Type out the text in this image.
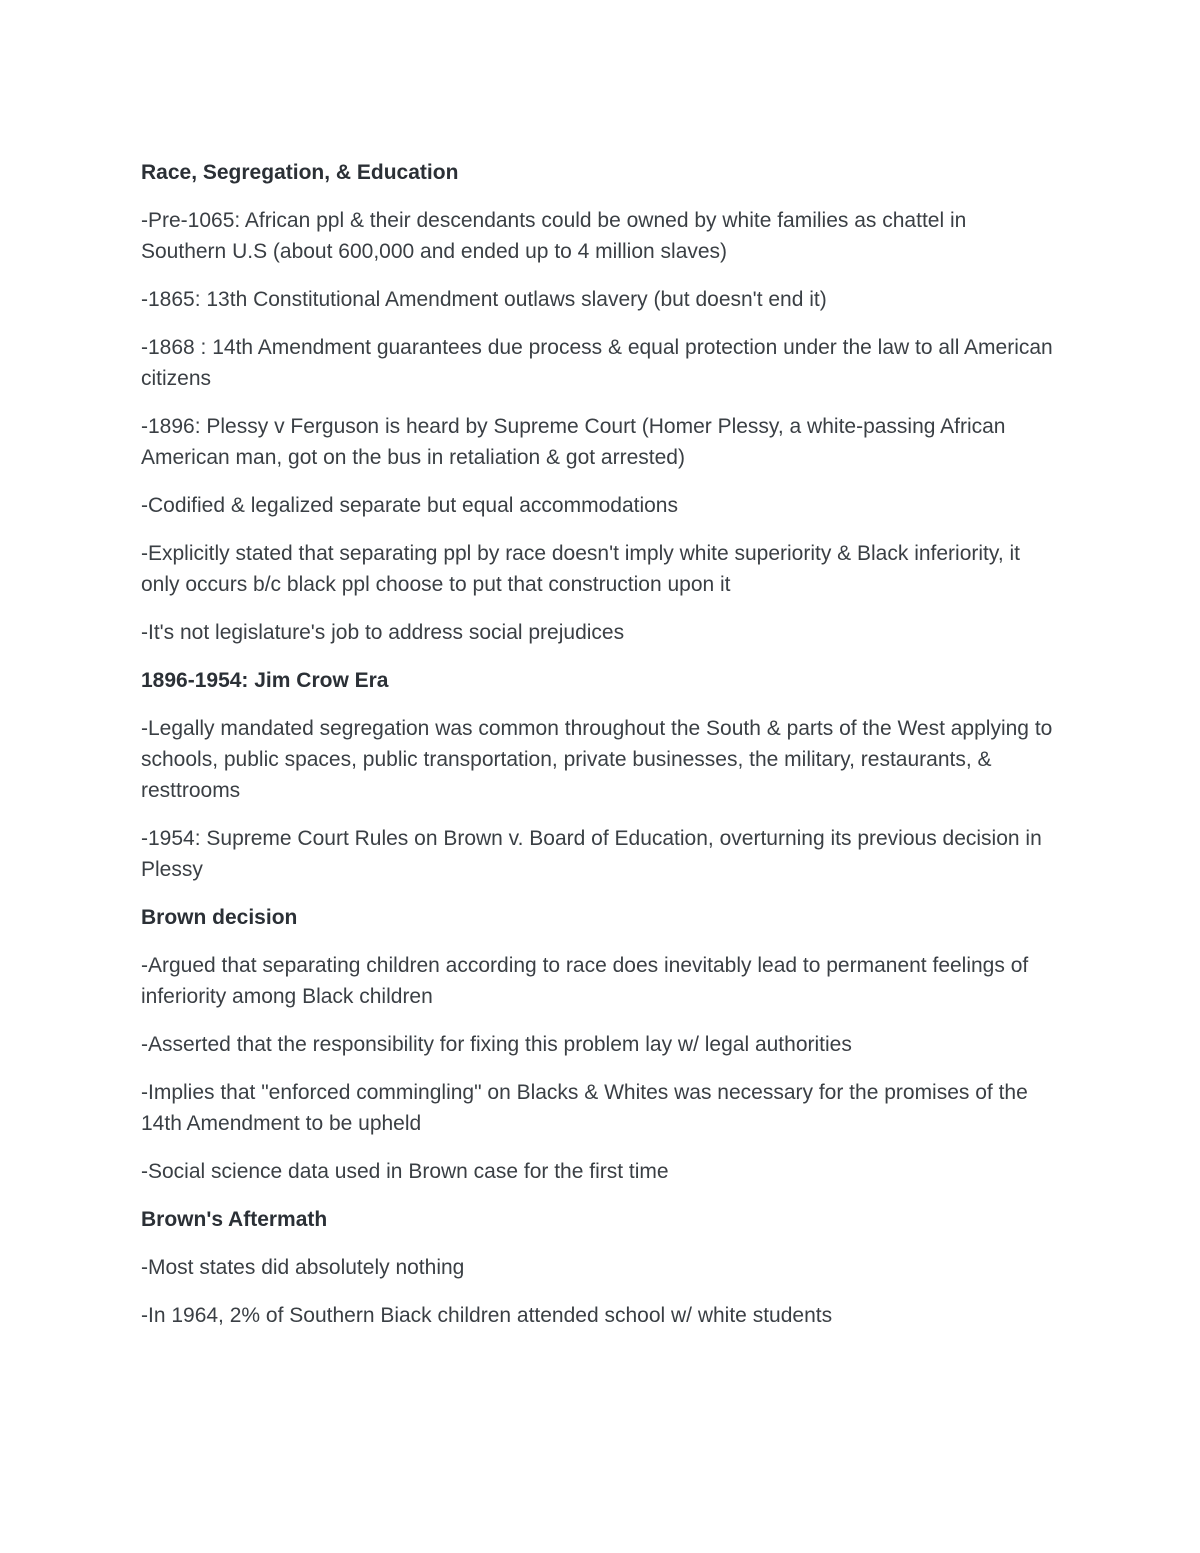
Race, Segregation, & Education
-Pre-1065: African ppl & their descendants could be owned by white families as chattel in Southern U.S (about 600,000 and ended up to 4 million slaves)
-1865: 13th Constitutional Amendment outlaws slavery (but doesn't end it)
-1868 : 14th Amendment guarantees due process & equal protection under the law to all American citizens
-1896: Plessy v Ferguson is heard by Supreme Court (Homer Plessy, a white-passing African American man, got on the bus in retaliation & got arrested)
-Codified & legalized separate but equal accommodations
-Explicitly stated that separating ppl by race doesn't imply white superiority & Black inferiority, it only occurs b/c black ppl choose to put that construction upon it
-It's not legislature's job to address social prejudices
1896-1954: Jim Crow Era
-Legally mandated segregation was common throughout the South & parts of the West applying to schools, public spaces, public transportation, private businesses, the military, restaurants, & resttrooms
-1954: Supreme Court Rules on Brown v. Board of Education, overturning its previous decision in Plessy
Brown decision
-Argued that separating children according to race does inevitably lead to permanent feelings of inferiority among Black children
-Asserted that the responsibility for fixing this problem lay w/ legal authorities
-Implies that "enforced commingling" on Blacks & Whites was necessary for the promises of the 14th Amendment to be upheld
-Social science data used in Brown case for the first time
Brown's Aftermath
-Most states did absolutely nothing
-In 1964, 2% of Southern Biack children attended school w/ white students
